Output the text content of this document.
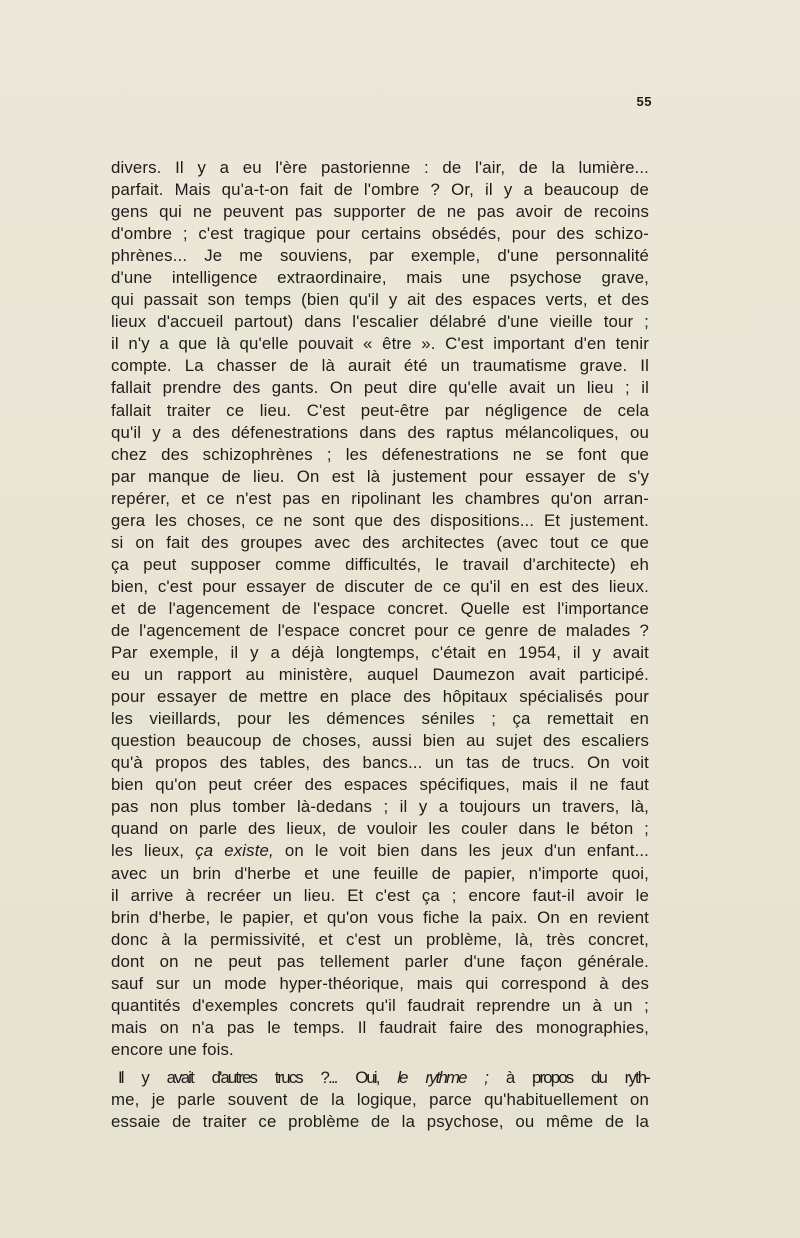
55
divers. Il y a eu l'ère pastorienne : de l'air, de la lumière...
parfait. Mais qu'a-t-on fait de l'ombre ? Or, il y a beaucoup de
gens qui ne peuvent pas supporter de ne pas avoir de recoins
d'ombre ; c'est tragique pour certains obsédés, pour des schizo-
phrènes... Je me souviens, par exemple, d'une personnalité
d'une intelligence extraordinaire, mais une psychose grave,
qui passait son temps (bien qu'il y ait des espaces verts, et des
lieux d'accueil partout) dans l'escalier délabré d'une vieille tour ;
il n'y a que là qu'elle pouvait « être ». C'est important d'en tenir
compte. La chasser de là aurait été un traumatisme grave. Il
fallait prendre des gants. On peut dire qu'elle avait un lieu ; il
fallait traiter ce lieu. C'est peut-être par négligence de cela
qu'il y a des défenestrations dans des raptus mélancoliques, ou
chez des schizophrènes ; les défenestrations ne se font que
par manque de lieu. On est là justement pour essayer de s'y
repérer, et ce n'est pas en ripolinant les chambres qu'on arran-
gera les choses, ce ne sont que des dispositions... Et justement.
si on fait des groupes avec des architectes (avec tout ce que
ça peut supposer comme difficultés, le travail d'architecte) eh
bien, c'est pour essayer de discuter de ce qu'il en est des lieux.
et de l'agencement de l'espace concret. Quelle est l'importance
de l'agencement de l'espace concret pour ce genre de malades ?
Par exemple, il y a déjà longtemps, c'était en 1954, il y avait
eu un rapport au ministère, auquel Daumezon avait participé.
pour essayer de mettre en place des hôpitaux spécialisés pour
les vieillards, pour les démences séniles ; ça remettait en
question beaucoup de choses, aussi bien au sujet des escaliers
qu'à propos des tables, des bancs... un tas de trucs. On voit
bien qu'on peut créer des espaces spécifiques, mais il ne faut
pas non plus tomber là-dedans ; il y a toujours un travers, là,
quand on parle des lieux, de vouloir les couler dans le béton ;
les lieux, ça existe, on le voit bien dans les jeux d'un enfant...
avec un brin d'herbe et une feuille de papier, n'importe quoi,
il arrive à recréer un lieu. Et c'est ça ; encore faut-il avoir le
brin d'herbe, le papier, et qu'on vous fiche la paix. On en revient
donc à la permissivité, et c'est un problème, là, très concret,
dont on ne peut pas tellement parler d'une façon générale.
sauf sur un mode hyper-théorique, mais qui correspond à des
quantités d'exemples concrets qu'il faudrait reprendre un à un ;
mais on n'a pas le temps. Il faudrait faire des monographies,
encore une fois.
Il y avait d'autres trucs ?... Oui, le rythme ; à propos du ryth-
me, je parle souvent de la logique, parce qu'habituellement on
essaie de traiter ce problème de la psychose, ou même de la
